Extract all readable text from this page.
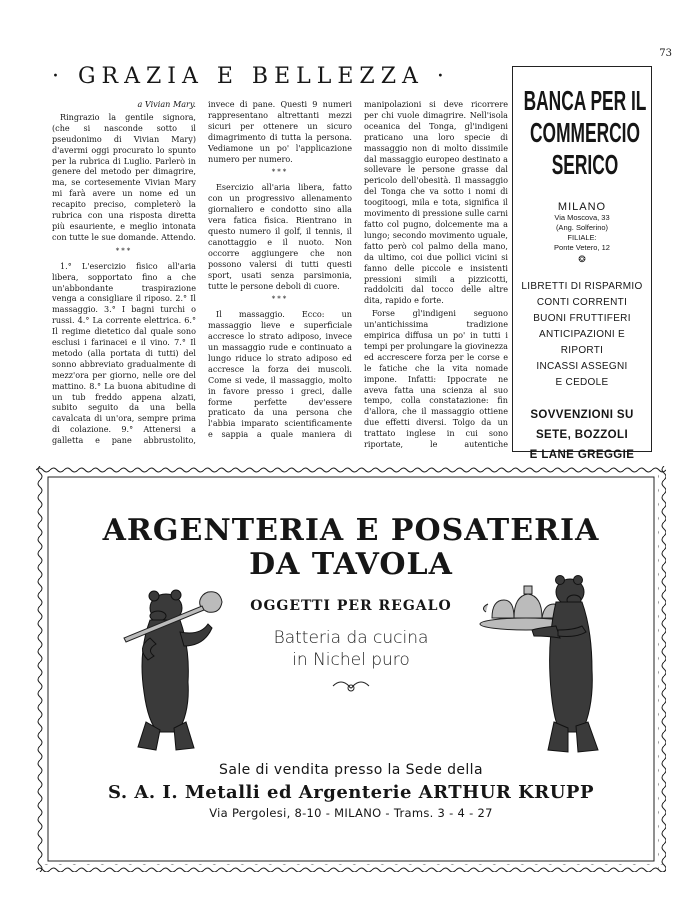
73
· GRAZIA E BELLEZZA ·

a Vivian Mary.

Ringrazio la gentile signora, (che si nasconde sotto il pseudonimo di Vivian Mary) d'avermi oggi procurato lo spunto per la rubrica di Luglio. Parlerò in genere del metodo per dimagrire, ma, se cortesemente Vivian Mary mi farà avere un nome ed un recapito preciso, completerò la rubrica con una risposta diretta più esauriente, e meglio intonata con tutte le sue domande. Attendo.

***

1.° L'esercizio fisico all'aria libera, sopportato fino a che un'abbondante traspirazione venga a consigliare il riposo. 2.° Il massaggio. 3.° I bagni turchi o russi. 4.° La corrente elettrica. 6.° Il regime dietetico dal quale sono esclusi i farinacei e il vino. 7.° Il metodo (alla portata di tutti) del sonno abbreviato gradualmente di mezz'ora per giorno, nelle ore del mattino. 8.° La buona abitudine di un tub freddo appena alzati, subito seguito da una bella cavalcata di un'ora, sempre prima di colazione. 9.° Attenersi a galletta e pane abbrustolito, invece di pane. Questi 9 numeri rappresentano altrettanti mezzi sicuri per ottenere un sicuro dimagrimento di tutta la persona. Vediamone un po' l'applicazione numero per numero.

***

Esercizio all'aria libera, fatto con un progressivo allenamento giornaliero e condotto sino alla vera fatica fisica. Rientrano in questo numero il golf, il tennis, il canottaggio e il nuoto. Non occorre aggiungere che non possono valersi di tutti questi sport, usati senza parsimonia, tutte le persone deboli di cuore.

***

Il massaggio. Ecco: un massaggio lieve e superficiale accresce lo strato adiposo, invece un massaggio rude e continuato a lungo riduce lo strato adiposo ed accresce la forza dei muscoli. Come si vede, il massaggio, molto in favore presso i greci, dalle forme perfette dev'essere praticato da una persona che l'abbia imparato scientificamente e sappia a quale maniera di manipolazioni si deve ricorrere per chi vuole dimagrire. Nell'isola oceanica del Tonga, gl'indigeni praticano una loro specie di massaggio non di molto dissimile dal massaggio europeo destinato a sollevare le persone grasse dal pericolo dell'obesità. Il massaggio del Tonga che va sotto i nomi di toogitoogi, mila e tota, significa il movimento di pressione sulle carni fatto col pugno, dolcemente ma a lungo; secondo movimento uguale, fatto però col palmo della mano, da ultimo, coi due pollici vicini si fanno delle piccole e insistenti pressioni simili a pizzicotti, raddolciti dal tocco delle altre dita, rapido e forte.

Forse gl'indigeni seguono un'antichissima tradizione empirica diffusa un po' in tutti i tempi per prolungare la giovinezza ed accrescere forza per le corse e le fatiche che la vita nomade impone. Infatti: Ippocrate ne aveva fatta una scienza al suo tempo, colla constatazione: fin d'allora, che il massaggio ottiene due effetti diversi. Tolgo da un trattato inglese in cui sono riportate, le autentiche

BANCA PER IL
COMMERCIO
SERICO
MILANO
Via Moscova, 33
(Ang. Solferino)
FILIALE:
Ponte Vetero, 12
❂
LIBRETTI DI RISPARMIO
CONTI CORRENTI
BUONI FRUTTIFERI
ANTICIPAZIONI E RIPORTI
INCASSI ASSEGNI
E CEDOLE
SOVVENZIONI SU
SETE, BOZZOLI
E LANE GREGGIE
ARGENTERIA E POSATERIA
DA TAVOLA
OGGETTI PER REGALO
Batteria da cucina
in Nichel puro
Sale di vendita presso la Sede della
S. A. I. Metalli ed Argenterie ARTHUR KRUPP
Via Pergolesi, 8-10 - MILANO - Trams. 3 - 4 - 27
